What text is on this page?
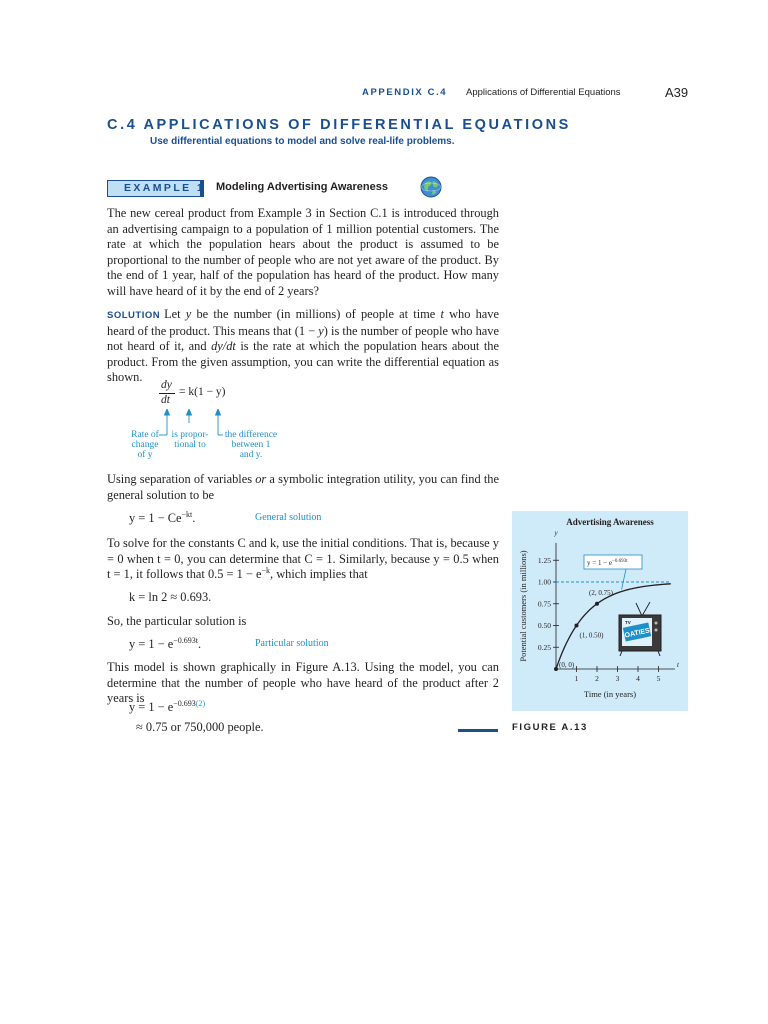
APPENDIX C.4 Applications of Differential Equations	A39
C.4 APPLICATIONS OF DIFFERENTIAL EQUATIONS
Use differential equations to model and solve real-life problems.
EXAMPLE 1 Modeling Advertising Awareness
The new cereal product from Example 3 in Section C.1 is introduced through an advertising campaign to a population of 1 million potential customers. The rate at which the population hears about the product is assumed to be proportional to the number of people who are not yet aware of the product. By the end of 1 year, half of the population has heard of the product. How many will have heard of it by the end of 2 years?
SOLUTION Let y be the number (in millions) of people at time t who have heard of the product. This means that (1 − y) is the number of people who have not heard of it, and dy/dt is the rate at which the population hears about the product. From the given assumption, you can write the differential equation as shown.
dy
dt
= k(1 − y)
Rate of
change
of y
is propor-
tional to
the difference
between 1
and y.
Using separation of variables or a symbolic integration utility, you can find the general solution to be
$y = 1 - Ce^{-kt}$.	General solution
To solve for the constants C and k, use the initial conditions. That is, because y = 0 when t = 0, you can determine that C = 1. Similarly, because y = 0.5 when t = 1, it follows that $0.5 = 1 - e^{-k}$, which implies that
k = ln 2 ≈ 0.693.
So, the particular solution is
$y = 1 - e^{-0.693t}$.	Particular solution
This model is shown graphically in Figure A.13. Using the model, you can determine that the number of people who have heard of the product after 2 years is
$y = 1 - e^{-0.693(2)}$
≈ 0.75 or 750,000 people.
Advertising Awareness
y
t
0.25
0.50
0.75
1.00
1.25
1 2 3 4 5
(0, 0)
(1, 0.50)
(2, 0.75)
$y = 1 - e^{-0.693t}$
OATIES
TV
Time (in years)
Potential customers (in millions)
FIGURE A.13
